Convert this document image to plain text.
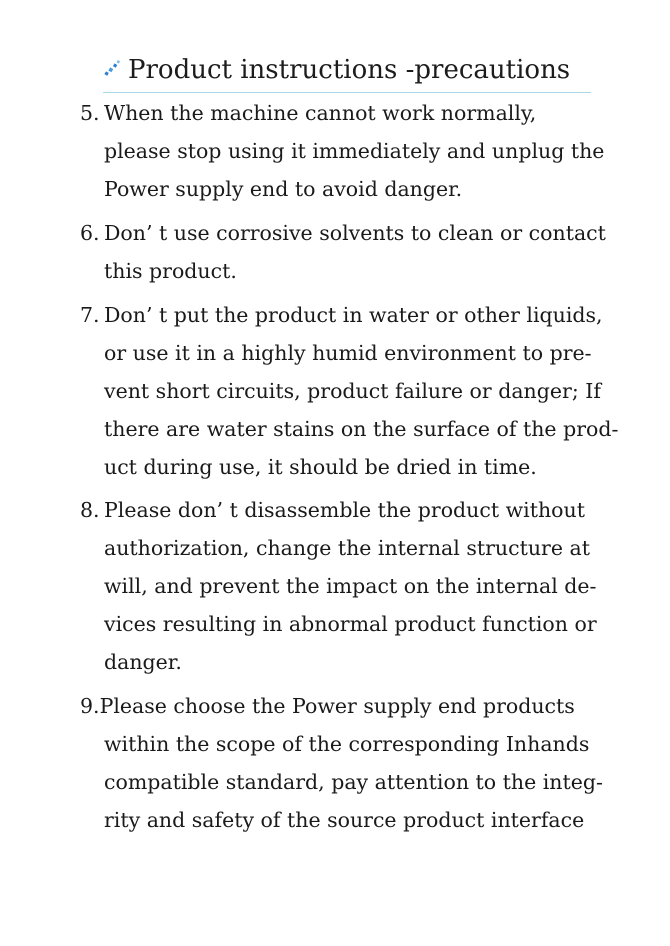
Product instructions -precautions
5. When the machine cannot work normally,
please stop using it immediately and unplug the
Power supply end to avoid danger.
6. Don’ t use corrosive solvents to clean or contact
this product.
7. Don’ t put the product in water or other liquids,
or use it in a highly humid environment to pre-
vent short circuits, product failure or danger; If
there are water stains on the surface of the prod-
uct during use, it should be dried in time.
8. Please don’ t disassemble the product without
authorization, change the internal structure at
will, and prevent the impact on the internal de-
vices resulting in abnormal product function or
danger.
9.Please choose the Power supply end products
within the scope of the corresponding Inhands
compatible standard, pay attention to the integ-
rity and safety of the source product interface
